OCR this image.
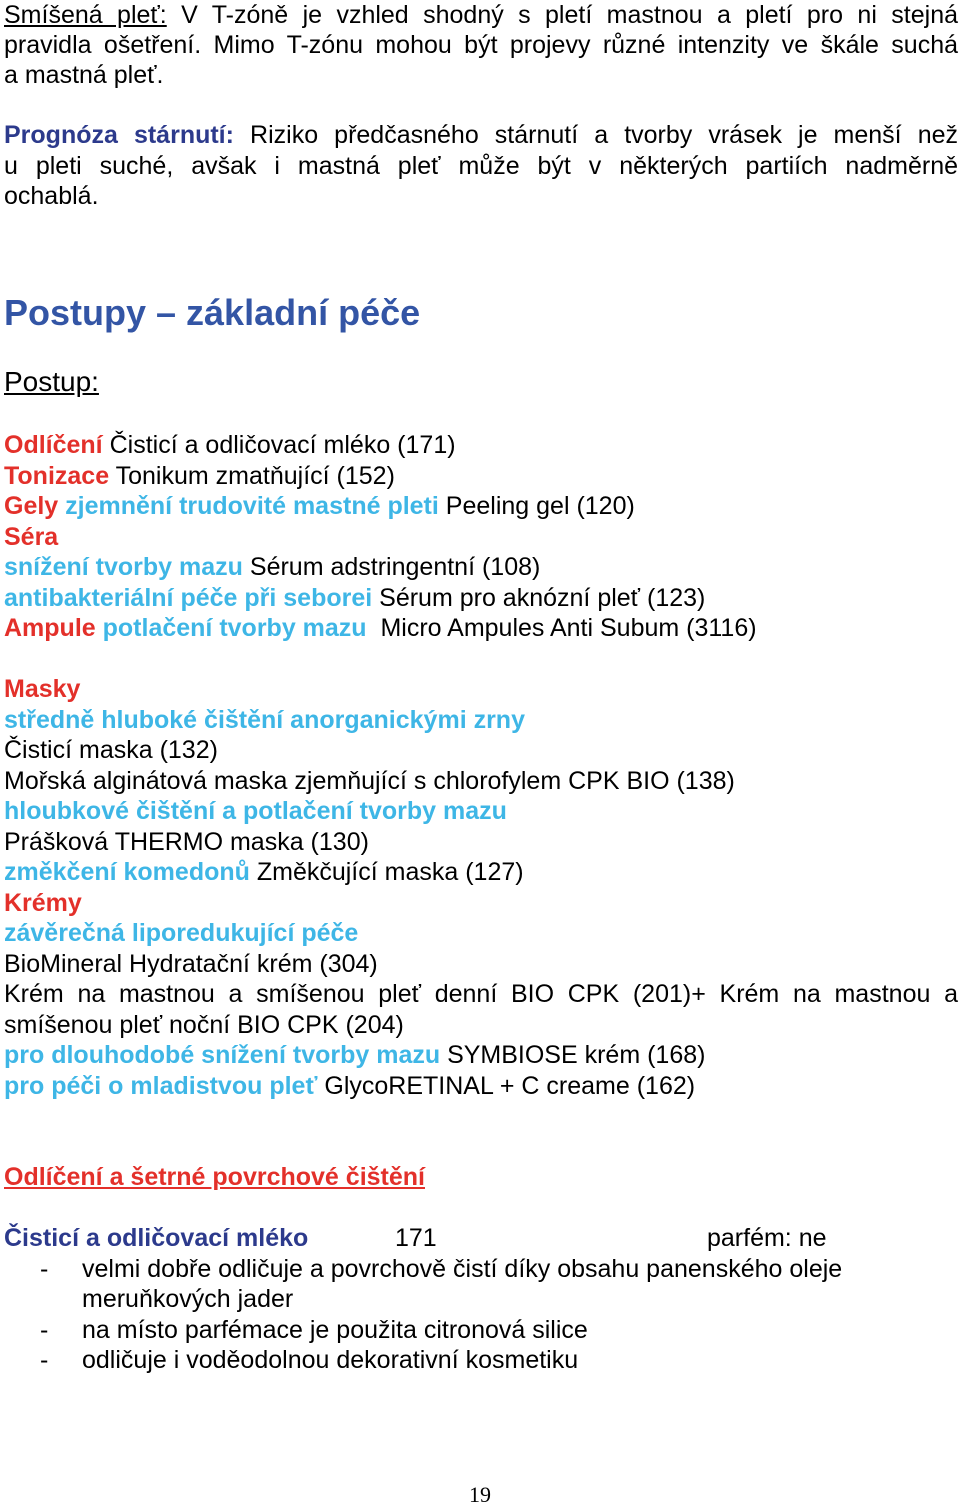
Smíšená pleť: V T-zóně je vzhled shodný s pletí mastnou a pletí pro ni stejná
pravidla ošetření. Mimo T-zónu mohou být projevy různé intenzity ve škále suchá
a mastná pleť.
Prognóza stárnutí: Riziko předčasného stárnutí a tvorby vrásek je menší než
u pleti suché, avšak i mastná pleť může být v některých partiích nadměrně
ochablá.
Postupy – základní péče
Postup:
Odlíčení Čisticí a odličovací mléko (171)
Tonizace Tonikum zmatňující (152)
Gely zjemnění trudovité mastné pleti Peeling gel (120)
Séra
snížení tvorby mazu Sérum adstringentní (108)
antibakteriální péče při seborei Sérum pro aknózní pleť (123)
Ampule potlačení tvorby mazu  Micro Ampules Anti Subum (3116)
Masky
středně hluboké čištění anorganickými zrny
Čisticí maska (132)
Mořská alginátová maska zjemňující s chlorofylem CPK BIO (138)
hloubkové čištění a potlačení tvorby mazu
Prášková THERMO maska (130)
změkčení komedonů Změkčující maska (127)
Krémy
závěrečná liporedukující péče
BioMineral Hydratační krém (304)
Krém na mastnou a smíšenou pleť denní BIO CPK (201)+ Krém na mastnou a
smíšenou pleť noční BIO CPK (204)
pro dlouhodobé snížení tvorby mazu SYMBIOSE krém (168)
pro péči o mladistvou pleť GlycoRETINAL + C creame (162)
Odlíčení a šetrné povrchové čištění
Čisticí a odličovací mléko	171	parfém: ne
- velmi dobře odličuje a povrchově čistí díky obsahu panenského oleje
meruňkových jader
- na místo parfémace je použita citronová silice
- odličuje i voděodolnou dekorativní kosmetiku
19
